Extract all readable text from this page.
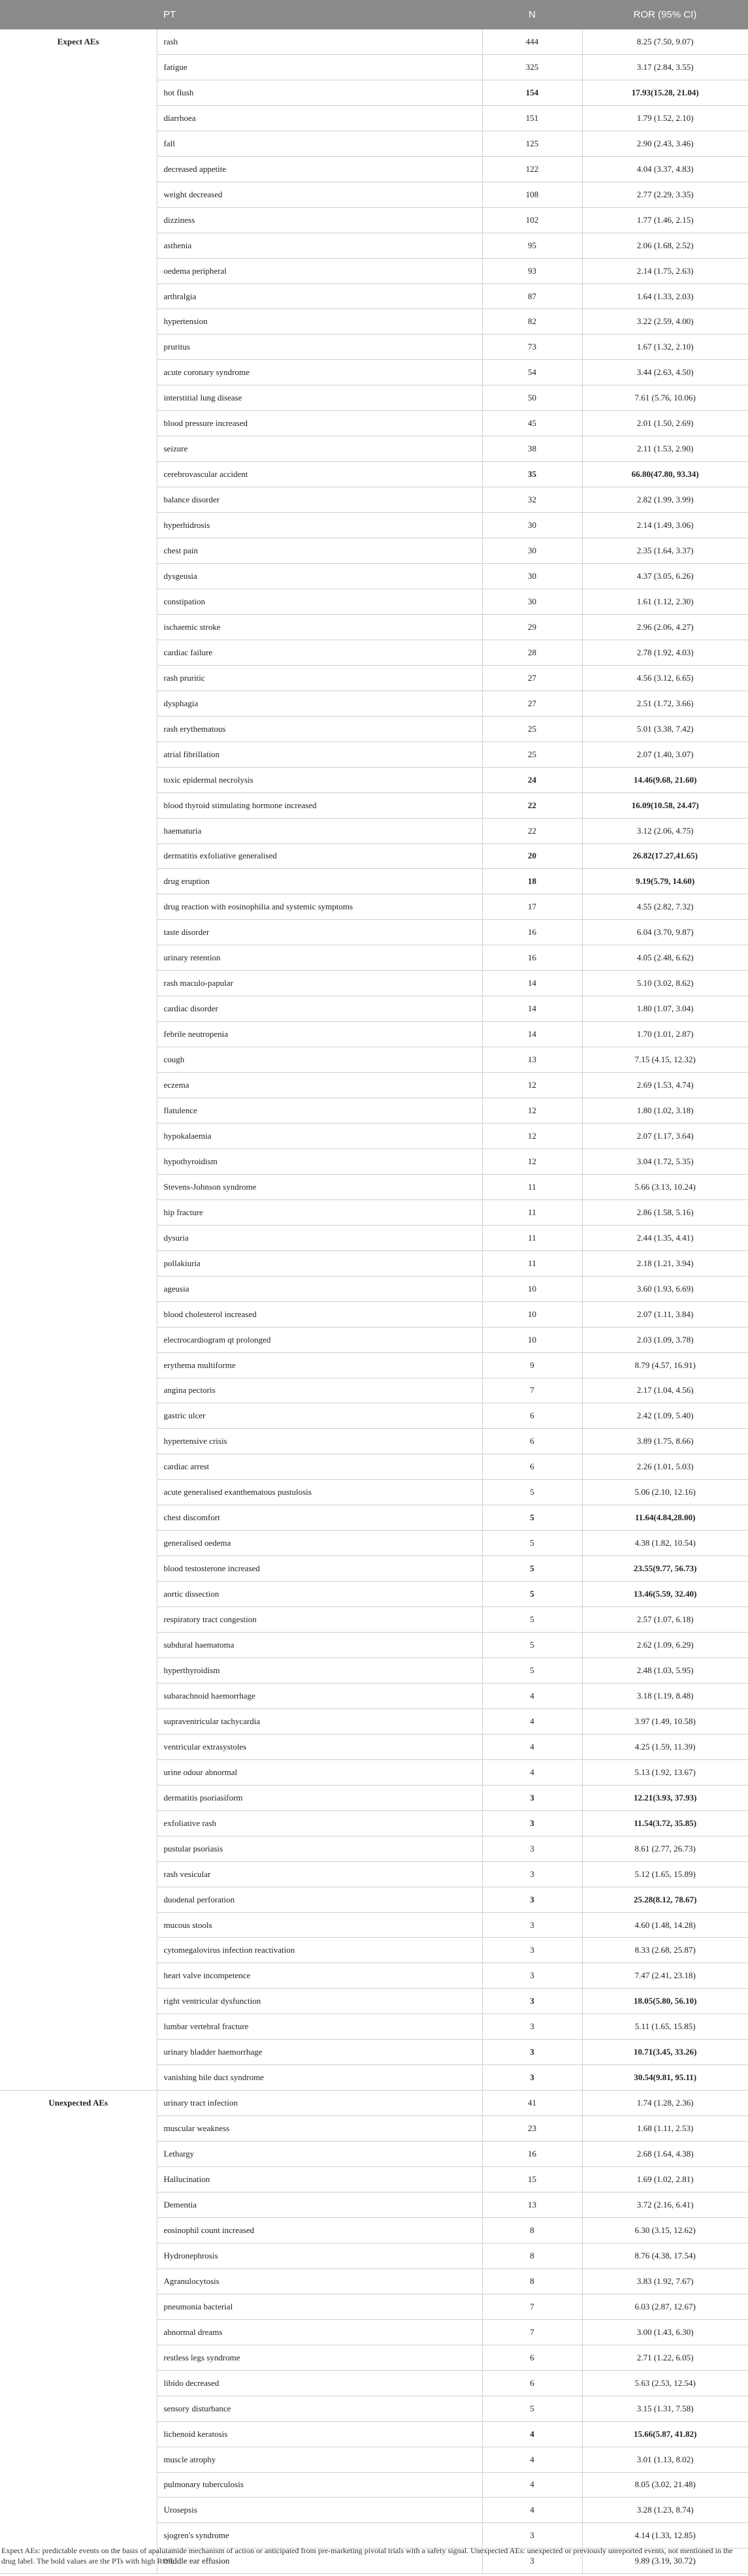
	PT	N	ROR (95% CI)
Expect AEs	rash	444	8.25 (7.50, 9.07)
	fatigue	325	3.17 (2.84, 3.55)
	hot flush	154	17.93(15.28, 21.04)
	diarrhoea	151	1.79 (1.52, 2.10)
	fall	125	2.90 (2.43, 3.46)
	decreased appetite	122	4.04 (3.37, 4.83)
	weight decreased	108	2.77 (2.29, 3.35)
	dizziness	102	1.77 (1.46, 2.15)
	asthenia	95	2.06 (1.68, 2.52)
	oedema peripheral	93	2.14 (1.75, 2.63)
	arthralgia	87	1.64 (1.33, 2.03)
	hypertension	82	3.22 (2.59, 4.00)
	pruritus	73	1.67 (1.32, 2.10)
	acute coronary syndrome	54	3.44 (2.63, 4.50)
	interstitial lung disease	50	7.61 (5.76, 10.06)
	blood pressure increased	45	2.01 (1.50, 2.69)
	seizure	38	2.11 (1.53, 2.90)
	cerebrovascular accident	35	66.80(47.80, 93.34)
	balance disorder	32	2.82 (1.99, 3.99)
	hyperhidrosis	30	2.14 (1.49, 3.06)
	chest pain	30	2.35 (1.64, 3.37)
	dysgeusia	30	4.37 (3.05, 6.26)
	constipation	30	1.61 (1.12, 2.30)
	ischaemic stroke	29	2.96 (2.06, 4.27)
	cardiac failure	28	2.78 (1.92, 4.03)
	rash pruritic	27	4.56 (3.12, 6.65)
	dysphagia	27	2.51 (1.72, 3.66)
	rash erythematous	25	5.01 (3.38, 7.42)
	atrial fibrillation	25	2.07 (1.40, 3.07)
	toxic epidermal necrolysis	24	14.46(9.68, 21.60)
	blood thyroid stimulating hormone increased	22	16.09(10.58, 24.47)
	haematuria	22	3.12 (2.06, 4.75)
	dermatitis exfoliative generalised	20	26.82(17.27,41.65)
	drug eruption	18	9.19(5.79, 14.60)
	drug reaction with eosinophilia and systemic symptoms	17	4.55 (2.82, 7.32)
	taste disorder	16	6.04 (3.70, 9.87)
	urinary retention	16	4.05 (2.48, 6.62)
	rash maculo-papular	14	5.10 (3.02, 8.62)
	cardiac disorder	14	1.80 (1.07, 3.04)
	febrile neutropenia	14	1.70 (1.01, 2.87)
	cough	13	7.15 (4.15, 12.32)
	eczema	12	2.69 (1.53, 4.74)
	flatulence	12	1.80 (1.02, 3.18)
	hypokalaemia	12	2.07 (1.17, 3.64)
	hypothyroidism	12	3.04 (1.72, 5.35)
	Stevens-Johnson syndrome	11	5.66 (3.13, 10.24)
	hip fracture	11	2.86 (1.58, 5.16)
	dysuria	11	2.44 (1.35, 4.41)
	pollakiuria	11	2.18 (1.21, 3.94)
	ageusia	10	3.60 (1.93, 6.69)
	blood cholesterol increased	10	2.07 (1.11, 3.84)
	electrocardiogram qt prolonged	10	2.03 (1.09, 3.78)
	erythema multiforme	9	8.79 (4.57, 16.91)
	angina pectoris	7	2.17 (1.04, 4.56)
	gastric ulcer	6	2.42 (1.09, 5.40)
	hypertensive crisis	6	3.89 (1.75, 8.66)
	cardiac arrest	6	2.26 (1.01, 5.03)
	acute generalised exanthematous pustulosis	5	5.06 (2.10, 12.16)
	chest discomfort	5	11.64(4.84,28.00)
	generalised oedema	5	4.38 (1.82, 10.54)
	blood testosterone increased	5	23.55(9.77, 56.73)
	aortic dissection	5	13.46(5.59, 32.40)
	respiratory tract congestion	5	2.57 (1.07, 6.18)
	subdural haematoma	5	2.62 (1.09, 6.29)
	hyperthyroidism	5	2.48 (1.03, 5.95)
	subarachnoid haemorrhage	4	3.18 (1.19, 8.48)
	supraventricular tachycardia	4	3.97 (1.49, 10.58)
	ventricular extrasystoles	4	4.25 (1.59, 11.39)
	urine odour abnormal	4	5.13 (1.92, 13.67)
	dermatitis psoriasiform	3	12.21(3.93, 37.93)
	exfoliative rash	3	11.54(3.72, 35.85)
	pustular psoriasis	3	8.61 (2.77, 26.73)
	rash vesicular	3	5.12 (1.65, 15.89)
	duodenal perforation	3	25.28(8.12, 78.67)
	mucous stools	3	4.60 (1.48, 14.28)
	cytomegalovirus infection reactivation	3	8.33 (2.68, 25.87)
	heart valve incompetence	3	7.47 (2.41, 23.18)
	right ventricular dysfunction	3	18.05(5.80, 56.10)
	lumbar vertebral fracture	3	5.11 (1.65, 15.85)
	urinary bladder haemorrhage	3	10.71(3.45, 33.26)
	vanishing bile duct syndrome	3	30.54(9.81, 95.11)
Unexpected AEs	urinary tract infection	41	1.74 (1.28, 2.36)
	muscular weakness	23	1.68 (1.11, 2.53)
	Lethargy	16	2.68 (1.64, 4.38)
	Hallucination	15	1.69 (1.02, 2.81)
	Dementia	13	3.72 (2.16, 6.41)
	eosinophil count increased	8	6.30 (3.15, 12.62)
	Hydronephrosis	8	8.76 (4.38, 17.54)
	Agranulocytosis	8	3.83 (1.92, 7.67)
	pneumonia bacterial	7	6.03 (2.87, 12.67)
	abnormal dreams	7	3.00 (1.43, 6.30)
	restless legs syndrome	6	2.71 (1.22, 6.05)
	libido decreased	6	5.63 (2.53, 12.54)
	sensory disturbance	5	3.15 (1.31, 7.58)
	lichenoid keratosis	4	15.66(5.87, 41.82)
	muscle atrophy	4	3.01 (1.13, 8.02)
	pulmonary tuberculosis	4	8.05 (3.02, 21.48)
	Urosepsis	4	3.28 (1.23, 8.74)
	sjogren's syndrome	3	4.14 (1.33, 12.85)
	middle ear effusion	3	9.89 (3.19, 30.72)

Expect AEs: predictable events on the basis of apalutamide mechanism of action or anticipated from pre-marketing pivotal trials with a safety signal. Unexpected AEs: unexpected or previously unreported events, not mentioned in the drug label. The bold values are the PTs with high ROR.
